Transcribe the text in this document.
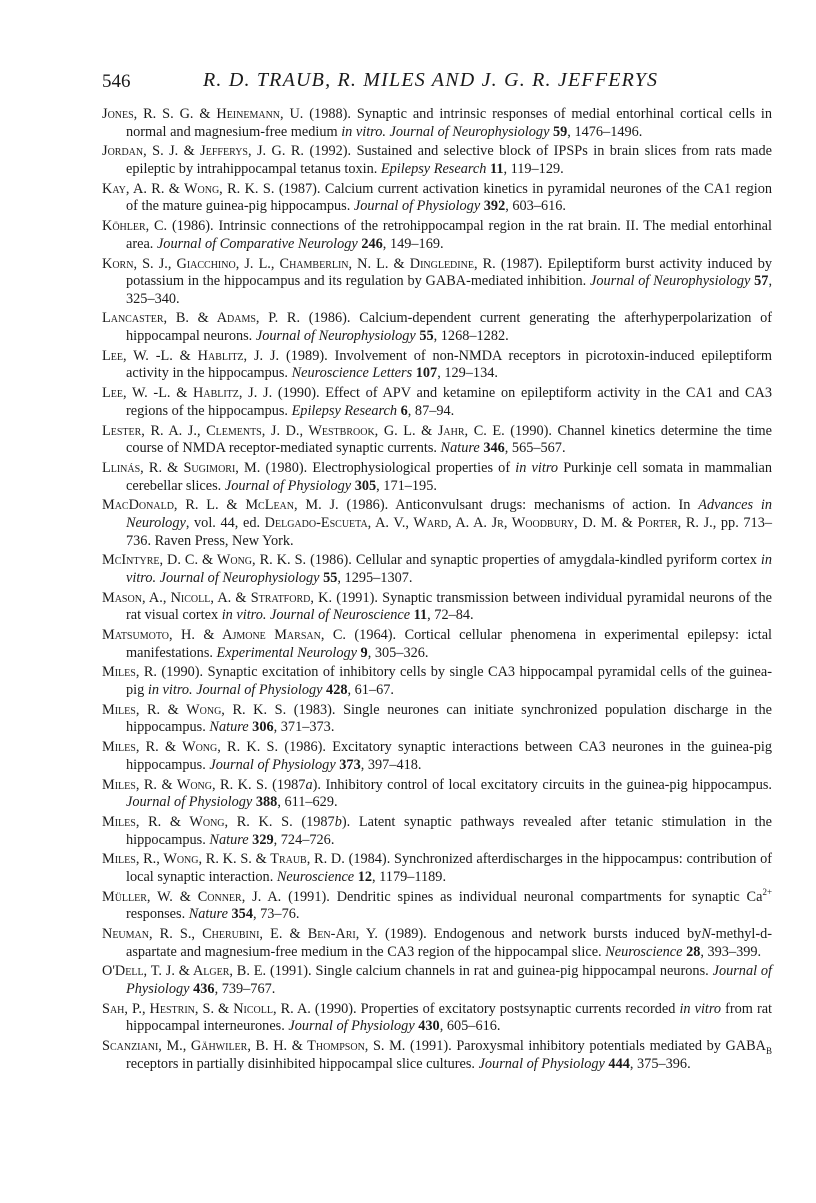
546	R. D. TRAUB, R. MILES AND J. G. R. JEFFERYS
Jones, R. S. G. & Heinemann, U. (1988). Synaptic and intrinsic responses of medial entorhinal cortical cells in normal and magnesium-free medium in vitro. Journal of Neurophysiology 59, 1476–1496.
Jordan, S. J. & Jefferys, J. G. R. (1992). Sustained and selective block of IPSPs in brain slices from rats made epileptic by intrahippocampal tetanus toxin. Epilepsy Research 11, 119–129.
Kay, A. R. & Wong, R. K. S. (1987). Calcium current activation kinetics in pyramidal neurones of the CA1 region of the mature guinea-pig hippocampus. Journal of Physiology 392, 603–616.
Köhler, C. (1986). Intrinsic connections of the retrohippocampal region in the rat brain. II. The medial entorhinal area. Journal of Comparative Neurology 246, 149–169.
Korn, S. J., Giacchino, J. L., Chamberlin, N. L. & Dingledine, R. (1987). Epileptiform burst activity induced by potassium in the hippocampus and its regulation by GABA-mediated inhibition. Journal of Neurophysiology 57, 325–340.
Lancaster, B. & Adams, P. R. (1986). Calcium-dependent current generating the afterhyperpolarization of hippocampal neurons. Journal of Neurophysiology 55, 1268–1282.
Lee, W. -L. & Hablitz, J. J. (1989). Involvement of non-NMDA receptors in picrotoxin-induced epileptiform activity in the hippocampus. Neuroscience Letters 107, 129–134.
Lee, W. -L. & Hablitz, J. J. (1990). Effect of APV and ketamine on epileptiform activity in the CA1 and CA3 regions of the hippocampus. Epilepsy Research 6, 87–94.
Lester, R. A. J., Clements, J. D., Westbrook, G. L. & Jahr, C. E. (1990). Channel kinetics determine the time course of NMDA receptor-mediated synaptic currents. Nature 346, 565–567.
Llinás, R. & Sugimori, M. (1980). Electrophysiological properties of in vitro Purkinje cell somata in mammalian cerebellar slices. Journal of Physiology 305, 171–195.
MacDonald, R. L. & McLean, M. J. (1986). Anticonvulsant drugs: mechanisms of action. In Advances in Neurology, vol. 44, ed. Delgado-Escueta, A. V., Ward, A. A. Jr, Woodbury, D. M. & Porter, R. J., pp. 713–736. Raven Press, New York.
McIntyre, D. C. & Wong, R. K. S. (1986). Cellular and synaptic properties of amygdala-kindled pyriform cortex in vitro. Journal of Neurophysiology 55, 1295–1307.
Mason, A., Nicoll, A. & Stratford, K. (1991). Synaptic transmission between individual pyramidal neurons of the rat visual cortex in vitro. Journal of Neuroscience 11, 72–84.
Matsumoto, H. & Ajmone Marsan, C. (1964). Cortical cellular phenomena in experimental epilepsy: ictal manifestations. Experimental Neurology 9, 305–326.
Miles, R. (1990). Synaptic excitation of inhibitory cells by single CA3 hippocampal pyramidal cells of the guinea-pig in vitro. Journal of Physiology 428, 61–67.
Miles, R. & Wong, R. K. S. (1983). Single neurones can initiate synchronized population discharge in the hippocampus. Nature 306, 371–373.
Miles, R. & Wong, R. K. S. (1986). Excitatory synaptic interactions between CA3 neurones in the guinea-pig hippocampus. Journal of Physiology 373, 397–418.
Miles, R. & Wong, R. K. S. (1987a). Inhibitory control of local excitatory circuits in the guinea-pig hippocampus. Journal of Physiology 388, 611–629.
Miles, R. & Wong, R. K. S. (1987b). Latent synaptic pathways revealed after tetanic stimulation in the hippocampus. Nature 329, 724–726.
Miles, R., Wong, R. K. S. & Traub, R. D. (1984). Synchronized afterdischarges in the hippocampus: contribution of local synaptic interaction. Neuroscience 12, 1179–1189.
Müller, W. & Conner, J. A. (1991). Dendritic spines as individual neuronal compartments for synaptic $Ca^{2+}$ responses. Nature 354, 73–76.
Neuman, R. S., Cherubini, E. & Ben-Ari, Y. (1989). Endogenous and network bursts induced byN-methyl-d-aspartate and magnesium-free medium in the CA3 region of the hippocampal slice. Neuroscience 28, 393–399.
O'Dell, T. J. & Alger, B. E. (1991). Single calcium channels in rat and guinea-pig hippocampal neurons. Journal of Physiology 436, 739–767.
Sah, P., Hestrin, S. & Nicoll, R. A. (1990). Properties of excitatory postsynaptic currents recorded in vitro from rat hippocampal interneurones. Journal of Physiology 430, 605–616.
Scanziani, M., Gähwiler, B. H. & Thompson, S. M. (1991). Paroxysmal inhibitory potentials mediated by $GABA_B$ receptors in partially disinhibited hippocampal slice cultures. Journal of Physiology 444, 375–396.
